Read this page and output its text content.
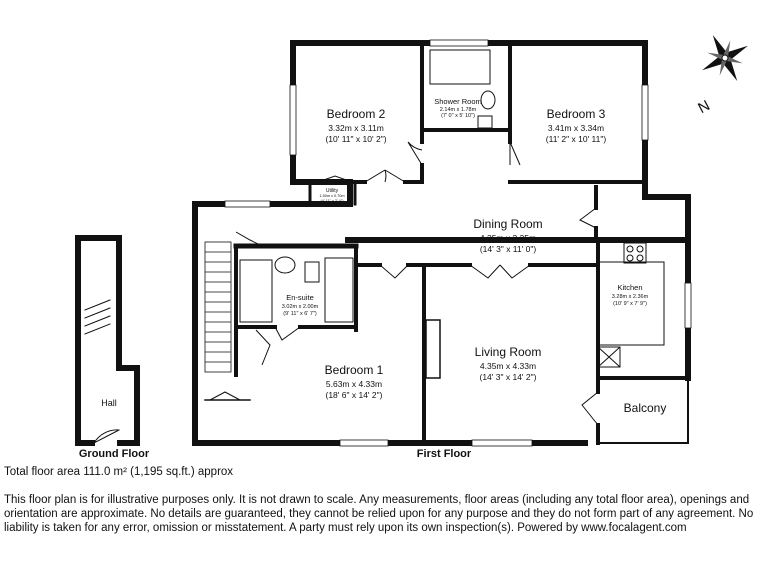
N
Bedroom 2
3.32m x 3.11m
(10' 11" x 10' 2")
Shower Room
2.14m x 1.78m
(7' 0" x 5' 10")	Bedroom 3
3.41m x 3.34m
(11' 2" x 10' 11")
Utility
1.50m x 0.70m
(4' 11" x 2' 4")
Dining Room
4.35m x 3.35m
(14' 3" x 11' 0")
En-suite
3.02m x 2.00m
(9' 11" x 6' 7")
Kitchen
3.28m x 2.36m
(10' 9" x 7' 9")
Living Room
4.35m x 4.33m
(14' 3" x 14' 2")
Bedroom 1
5.63m x 4.33m
(18' 6" x 14' 2")
Hall	Balcony
Ground Floor	First Floor

Total floor area 111.0 m² (1,195 sq.ft.) approx

This floor plan is for illustrative purposes only. It is not drawn to scale. Any measurements, floor areas (including any total floor area), openings and orientation are approximate. No details are guaranteed, they cannot be relied upon for any purpose and they do not form part of any agreement. No liability is taken for any error, omission or misstatement. A party must rely upon its own inspection(s). Powered by www.focalagent.com
